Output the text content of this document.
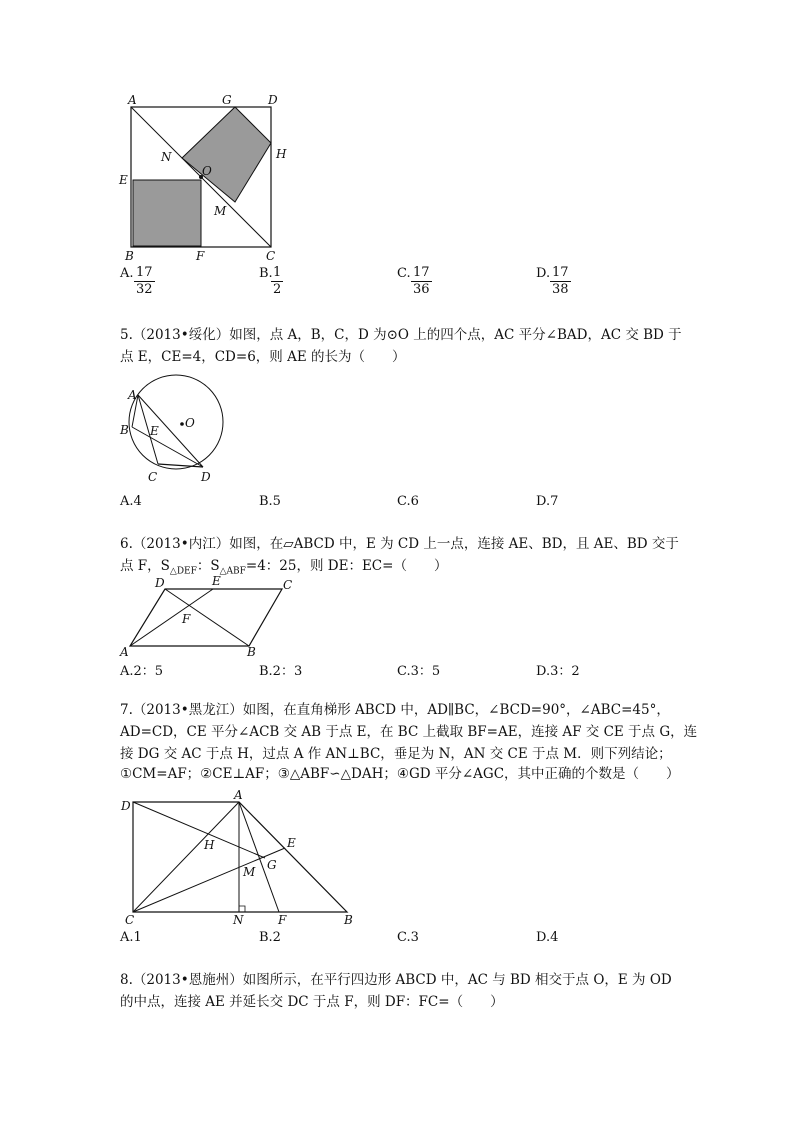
A	G	D
N	H
O
E
M
B	F	C
A. $\frac{17}{32}$	B.
$\frac{1}{2}$	C. $\frac{17}{36}$	D. $\frac{17}{38}$
5.（2013•绥化）如图，点 A，B，C，D 为⊙O 上的四个点，AC 平分∠BAD，AC 交 BD 于
点 E，CE=4，CD=6，则 AE 的长为（　　）
A
B E
O
C	D
A.4	B.5	C.6	D.7
6.（2013•内江）如图，在▱ABCD 中，E 为 CD 上一点，连接 AE、BD，且 AE、BD 交于
点 F，$S_{\triangle DEF}$：$S_{\triangle ABF}=4$：25，则 DE：EC=（　　）
D	E	C
F
A	B
A.2：5	B.2：3	C.3：5	D.3：2
7.（2013•黑龙江）如图，在直角梯形 ABCD 中，AD∥BC，∠BCD=90°，∠ABC=45°，
AD=CD，CE 平分∠ACB 交 AB 于点 E，在 BC 上截取 BF=AE，连接 AF 交 CE 于点 G，连
接 DG 交 AC 于点 H，过点 A 作 AN⊥BC，垂足为 N，AN 交 CE 于点 M．则下列结论；
①CM=AF；②CE⊥AF；③△ABF∽△DAH；④GD 平分∠AGC，其中正确的个数是（　　）
D
A
E
H
G
M
C	N	F	B
A.1	B.2	C.3	D.4
8.（2013•恩施州）如图所示，在平行四边形 ABCD 中，AC 与 BD 相交于点 O，E 为 OD
的中点，连接 AE 并延长交 DC 于点 F，则 DF：FC=（　　）
